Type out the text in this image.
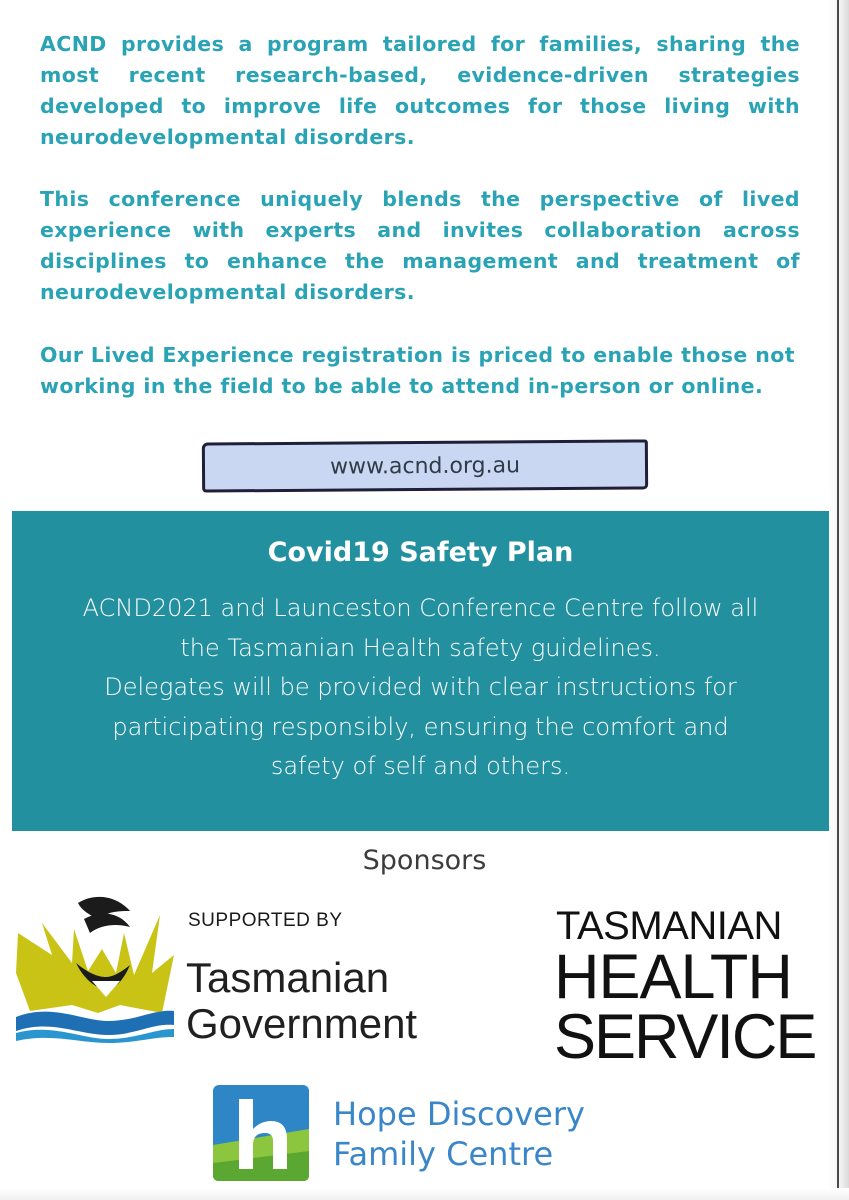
ACND provides a program tailored for families, sharing the most recent research-based, evidence-driven strategies developed to improve life outcomes for those living with neurodevelopmental disorders.
This conference uniquely blends the perspective of lived experience with experts and invites collaboration across disciplines to enhance the management and treatment of neurodevelopmental disorders.
Our Lived Experience registration is priced to enable those not working in the field to be able to attend in-person or online.
www.acnd.org.au
Covid19 Safety Plan
ACND2021 and Launceston Conference Centre follow all
the Tasmanian Health safety guidelines.
Delegates will be provided with clear instructions for
participating responsibly, ensuring the comfort and
safety of self and others.
Sponsors
SUPPORTED BY
Tasmanian
Government
TASMANIAN
HEALTH
SERVICE
Hope Discovery
Family Centre
